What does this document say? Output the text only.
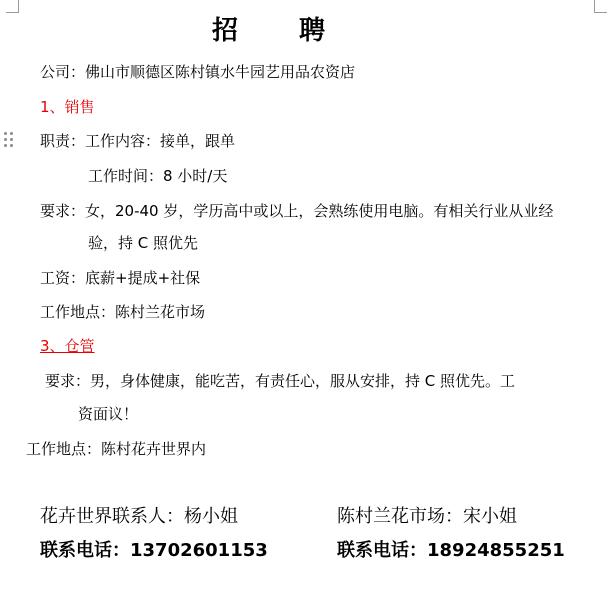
招 聘
公司：佛山市顺德区陈村镇水牛园艺用品农资店
1、销售
职责：工作内容：接单，跟单
工作时间：8 小时/天
要求：女，20-40 岁，学历高中或以上，会熟练使用电脑。有相关行业从业经
验，持 C 照优先
工资：底薪+提成+社保
工作地点：陈村兰花市场
3、仓管
要求：男，身体健康，能吃苦，有责任心，服从安排，持 C 照优先。工
资面议！
工作地点：陈村花卉世界内
花卉世界联系人：杨小姐
联系电话：13702601153
陈村兰花市场：宋小姐
联系电话：18924855251
